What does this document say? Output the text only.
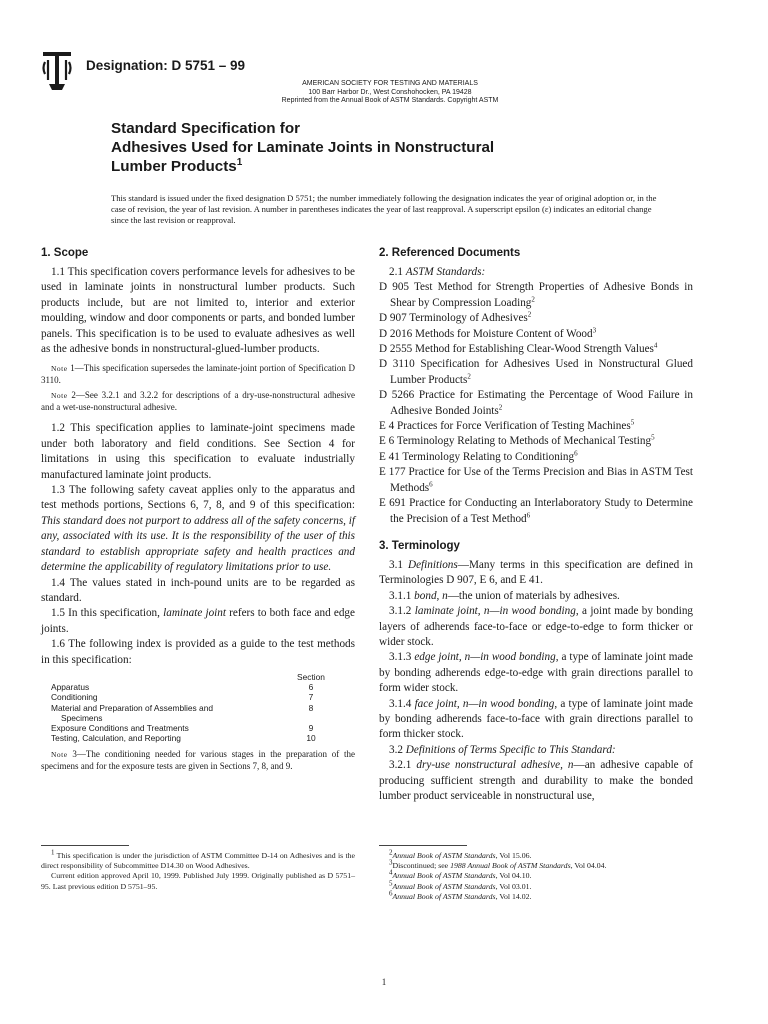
Designation: D 5751 – 99
AMERICAN SOCIETY FOR TESTING AND MATERIALS
100 Barr Harbor Dr., West Conshohocken, PA 19428
Reprinted from the Annual Book of ASTM Standards. Copyright ASTM
Standard Specification for
Adhesives Used for Laminate Joints in Nonstructural
Lumber Products$^1$
This standard is issued under the fixed designation D 5751; the number immediately following the designation indicates the year of original adoption or, in the case of revision, the year of last revision. A number in parentheses indicates the year of last reapproval. A superscript epsilon (ε) indicates an editorial change since the last revision or reapproval.
1. Scope

1.1 This specification covers performance levels for adhesives to be used in laminate joints in nonstructural lumber products. Such products include, but are not limited to, interior and exterior moulding, window and door components or parts, and bonded lumber panels. This specification is to be used to evaluate adhesives as well as the adhesive bonds in nonstructural-glued-lumber products.

Note 1—This specification supersedes the laminate-joint portion of Specification D 3110.

Note 2—See 3.2.1 and 3.2.2 for descriptions of a dry-use-nonstructural adhesive and a wet-use-nonstructural adhesive.

1.2 This specification applies to laminate-joint specimens made under both laboratory and field conditions. See Section 4 for limitations in using this specification to evaluate industrially manufactured laminate joint products.

1.3 The following safety caveat applies only to the apparatus and test methods portions, Sections 6, 7, 8, and 9 of this specification: This standard does not purport to address all of the safety concerns, if any, associated with its use. It is the responsibility of the user of this standard to establish appropriate safety and health practices and determine the applicability of regulatory limitations prior to use.

1.4 The values stated in inch-pound units are to be regarded as standard.

1.5 In this specification, laminate joint refers to both face and edge joints.

1.6 The following index is provided as a guide to the test methods in this specification:

Section
Apparatus	6
Conditioning	7
Material and Preparation of Assemblies and	8
Specimens
Exposure Conditions and Treatments	9
Testing, Calculation, and Reporting	10

Note 3—The conditioning needed for various stages in the preparation of the specimens and for the exposure tests are given in Sections 7, 8, and 9.

2. Referenced Documents

2.1 ASTM Standards:

D 905 Test Method for Strength Properties of Adhesive Bonds in Shear by Compression Loading$^2$

D 907 Terminology of Adhesives$^2$

D 2016 Methods for Moisture Content of Wood$^3$

D 2555 Method for Establishing Clear-Wood Strength Values$^4$

D 3110 Specification for Adhesives Used in Nonstructural Glued Lumber Products$^2$

D 5266 Practice for Estimating the Percentage of Wood Failure in Adhesive Bonded Joints$^2$

E 4 Practices for Force Verification of Testing Machines$^5$

E 6 Terminology Relating to Methods of Mechanical Testing$^5$

E 41 Terminology Relating to Conditioning$^6$

E 177 Practice for Use of the Terms Precision and Bias in ASTM Test Methods$^6$

E 691 Practice for Conducting an Interlaboratory Study to Determine the Precision of a Test Method$^6$

3. Terminology

3.1 Definitions—Many terms in this specification are defined in Terminologies D 907, E 6, and E 41.

3.1.1 bond, n—the union of materials by adhesives.

3.1.2 laminate joint, n—in wood bonding, a joint made by bonding layers of adherends face-to-face or edge-to-edge to form thicker or wider stock.

3.1.3 edge joint, n—in wood bonding, a type of laminate joint made by bonding adherends edge-to-edge with grain directions parallel to form wider stock.

3.1.4 face joint, n—in wood bonding, a type of laminate joint made by bonding adherends face-to-face with grain directions parallel to form thicker stock.

3.2 Definitions of Terms Specific to This Standard:

3.2.1 dry-use nonstructural adhesive, n—an adhesive capable of producing sufficient strength and durability to make the bonded lumber product serviceable in nonstructural use,

$^1$ This specification is under the jurisdiction of ASTM Committee D-14 on Adhesives and is the direct responsibility of Subcommittee D14.30 on Wood Adhesives.

Current edition approved April 10, 1999. Published July 1999. Originally published as D 5751–95. Last previous edition D 5751–95.

$^2$Annual Book of ASTM Standards, Vol 15.06.
$^3$Discontinued; see 1988 Annual Book of ASTM Standards, Vol 04.04.
$^4$Annual Book of ASTM Standards, Vol 04.10.
$^5$Annual Book of ASTM Standards, Vol 03.01.
$^6$Annual Book of ASTM Standards, Vol 14.02.
1
